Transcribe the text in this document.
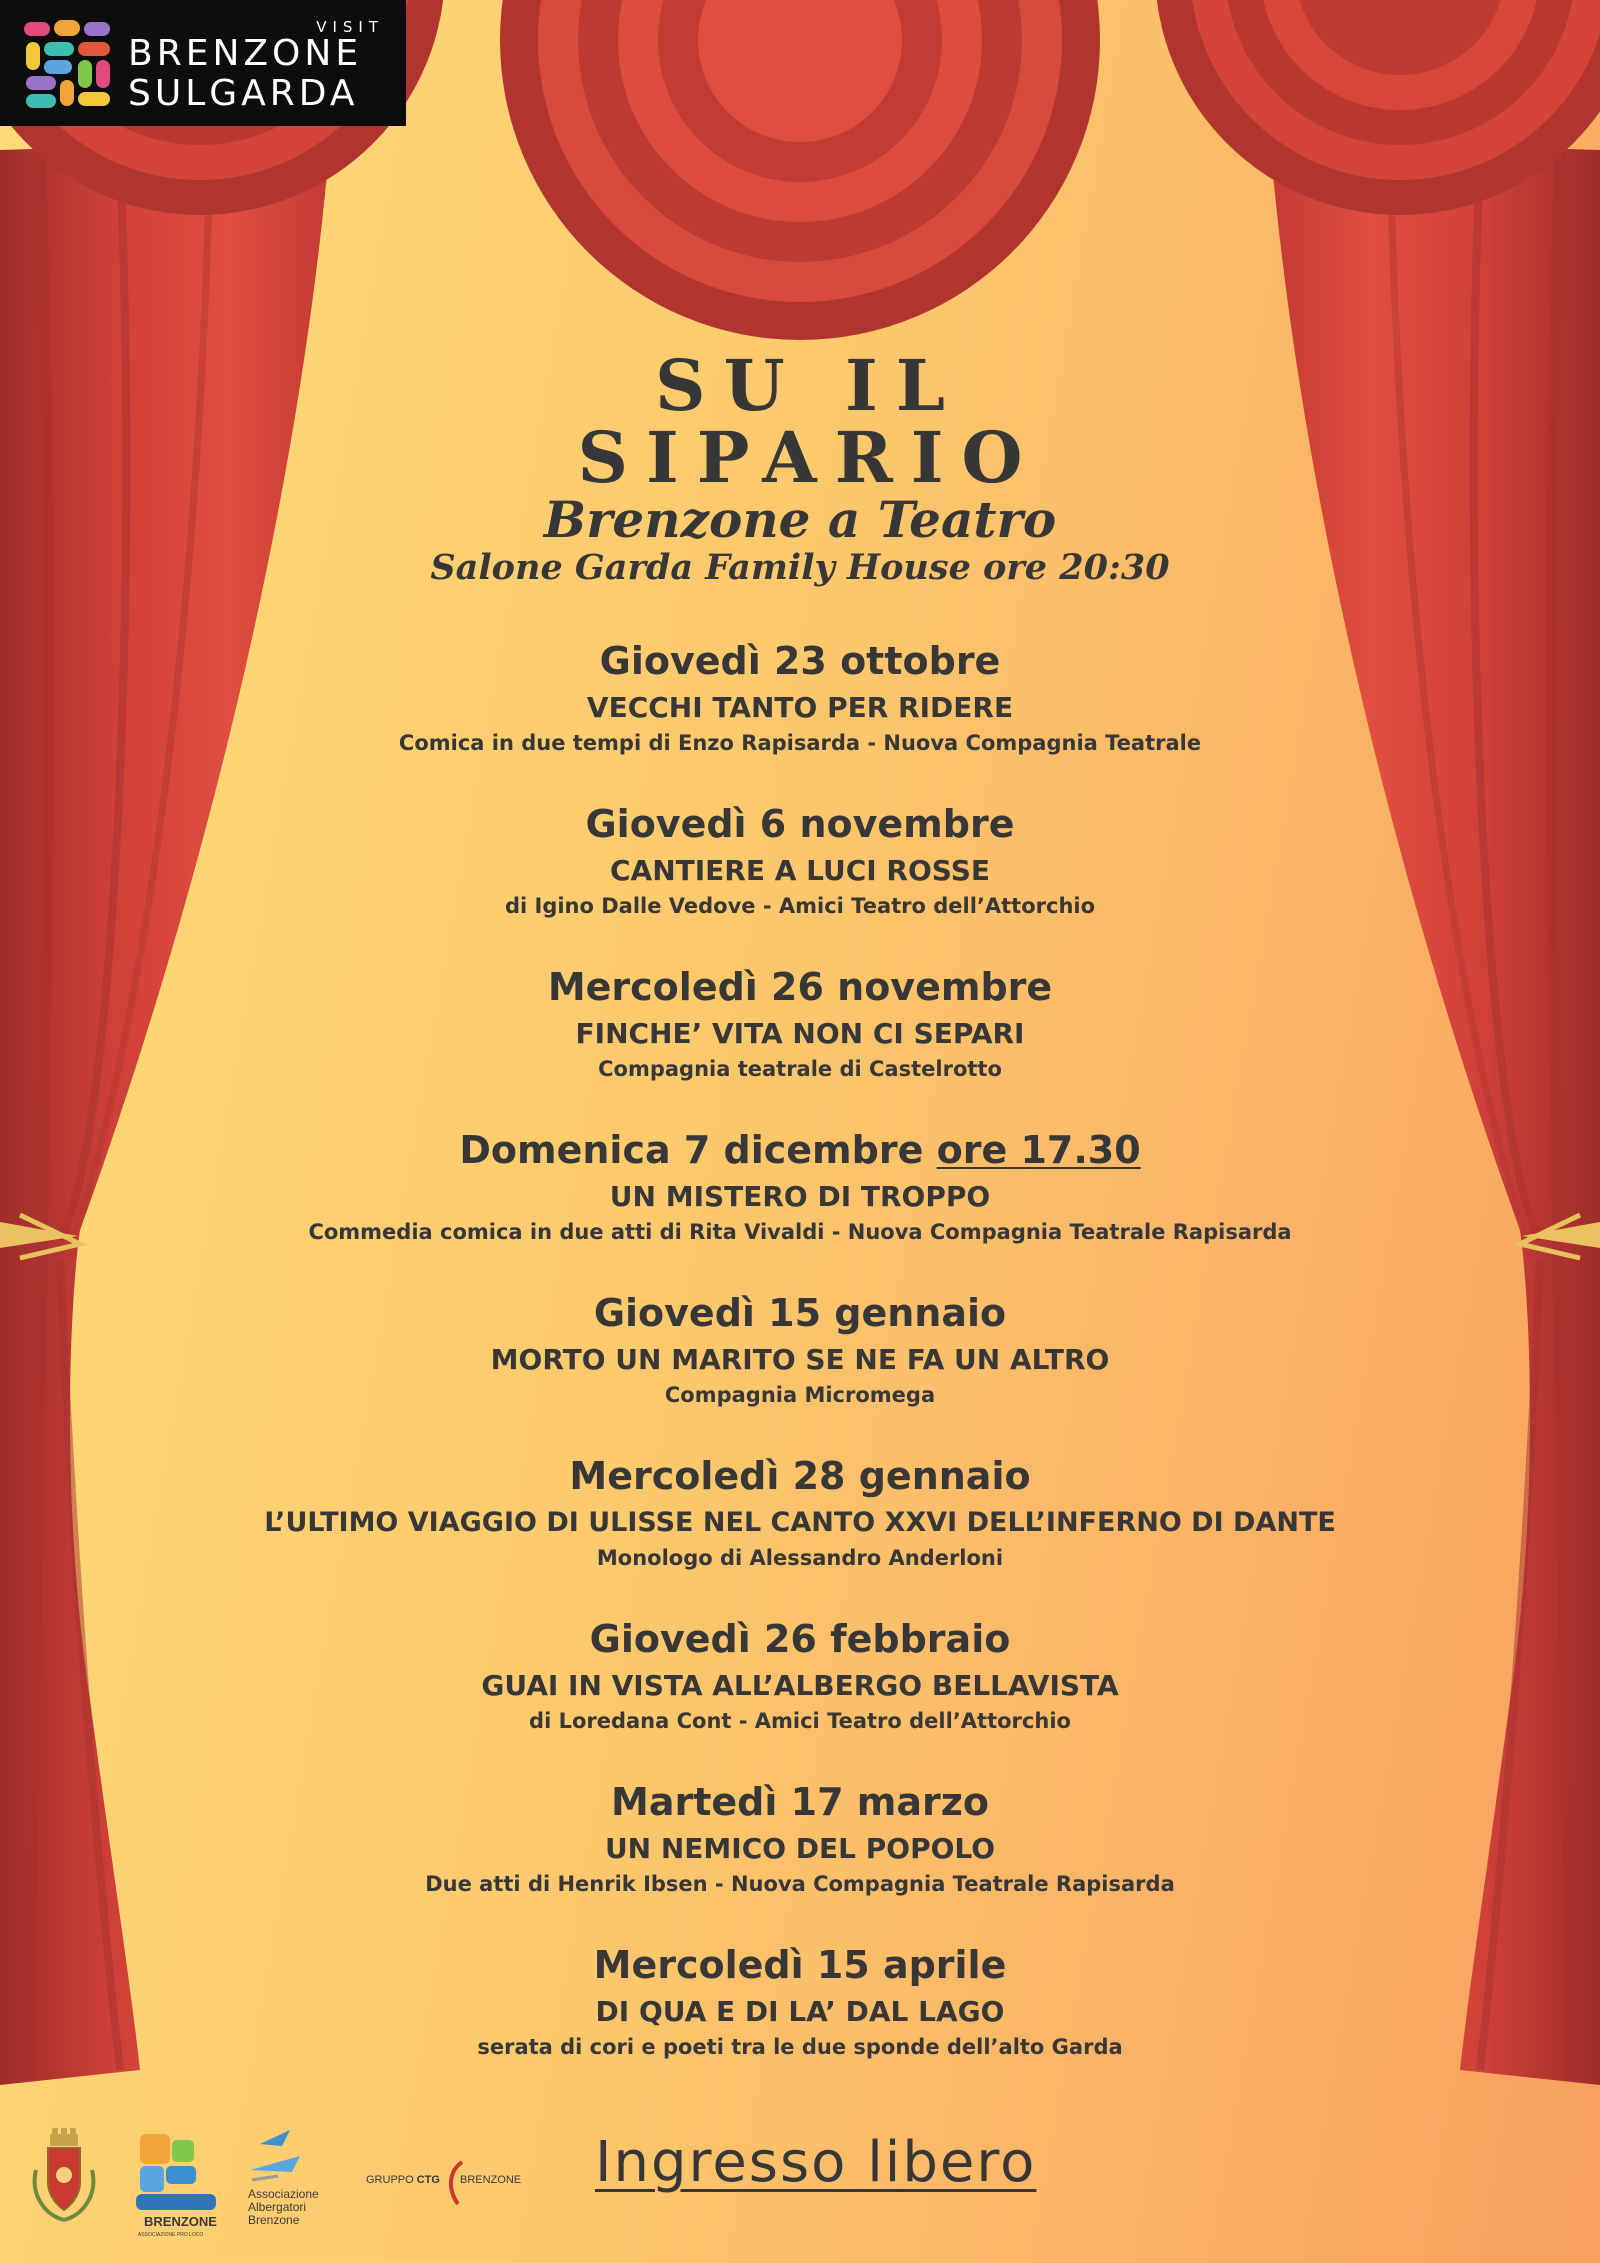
VISIT
BRENZONE
SULGARDA
SU IL
SIPARIO
Brenzone a Teatro
Salone Garda Family House ore 20:30
Giovedì 23 ottobre
VECCHI TANTO PER RIDERE
Comica in due tempi di Enzo Rapisarda - Nuova Compagnia Teatrale
Giovedì 6 novembre
CANTIERE A LUCI ROSSE
di Igino Dalle Vedove - Amici Teatro dell’Attorchio
Mercoledì 26 novembre
FINCHE’ VITA NON CI SEPARI
Compagnia teatrale di Castelrotto
Domenica 7 dicembre ore 17.30
UN MISTERO DI TROPPO
Commedia comica in due atti di Rita Vivaldi - Nuova Compagnia Teatrale Rapisarda
Giovedì 15 gennaio
MORTO UN MARITO SE NE FA UN ALTRO
Compagnia Micromega
Mercoledì 28 gennaio
L’ULTIMO VIAGGIO DI ULISSE NEL CANTO XXVI DELL’INFERNO DI DANTE
Monologo di Alessandro Anderloni
Giovedì 26 febbraio
GUAI IN VISTA ALL’ALBERGO BELLAVISTA
di Loredana Cont - Amici Teatro dell’Attorchio
Martedì 17 marzo
UN NEMICO DEL POPOLO
Due atti di Henrik Ibsen - Nuova Compagnia Teatrale Rapisarda
Mercoledì 15 aprile
DI QUA E DI LA’ DAL LAGO
serata di cori e poeti tra le due sponde dell’alto Garda
BRENZONE
ASSOCIAZIONE PRO LOCO
Associazione
Albergatori
Brenzone
GRUPPO CTG BRENZONE Ingresso libero
